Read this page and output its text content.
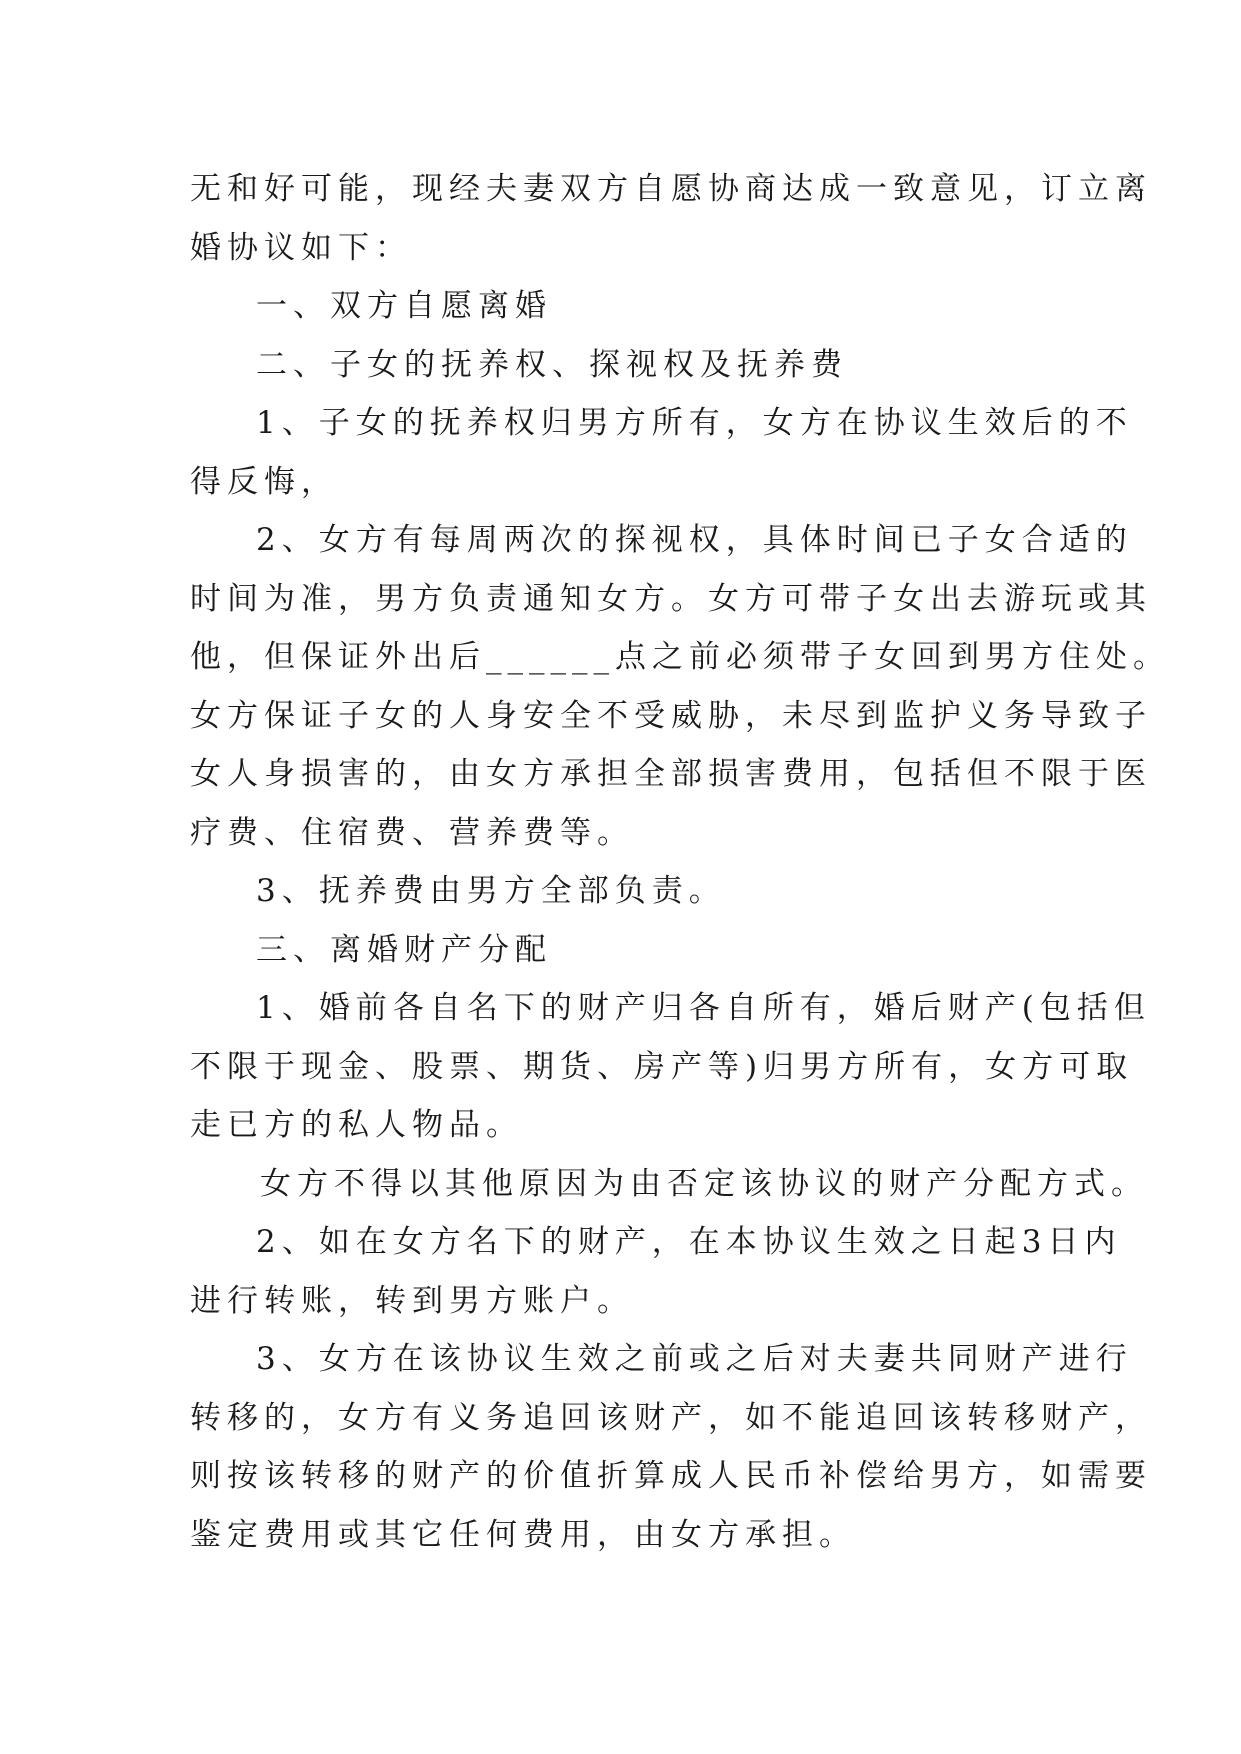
无和好可能，现经夫妻双方自愿协商达成一致意见，订立离
婚协议如下：
一、双方自愿离婚
二、子女的抚养权、探视权及抚养费
1、子女的抚养权归男方所有，女方在协议生效后的不
得反悔，
2、女方有每周两次的探视权，具体时间已子女合适的
时间为准，男方负责通知女方。女方可带子女出去游玩或其
他，但保证外出后______点之前必须带子女回到男方住处。
女方保证子女的人身安全不受威胁，未尽到监护义务导致子
女人身损害的，由女方承担全部损害费用，包括但不限于医
疗费、住宿费、营养费等。
3、抚养费由男方全部负责。
三、离婚财产分配
1、婚前各自名下的财产归各自所有，婚后财产(包括但
不限于现金、股票、期货、房产等)归男方所有，女方可取
走已方的私人物品。
女方不得以其他原因为由否定该协议的财产分配方式。
2、如在女方名下的财产，在本协议生效之日起3日内
进行转账，转到男方账户。
3、女方在该协议生效之前或之后对夫妻共同财产进行
转移的，女方有义务追回该财产，如不能追回该转移财产，
则按该转移的财产的价值折算成人民币补偿给男方，如需要
鉴定费用或其它任何费用，由女方承担。
